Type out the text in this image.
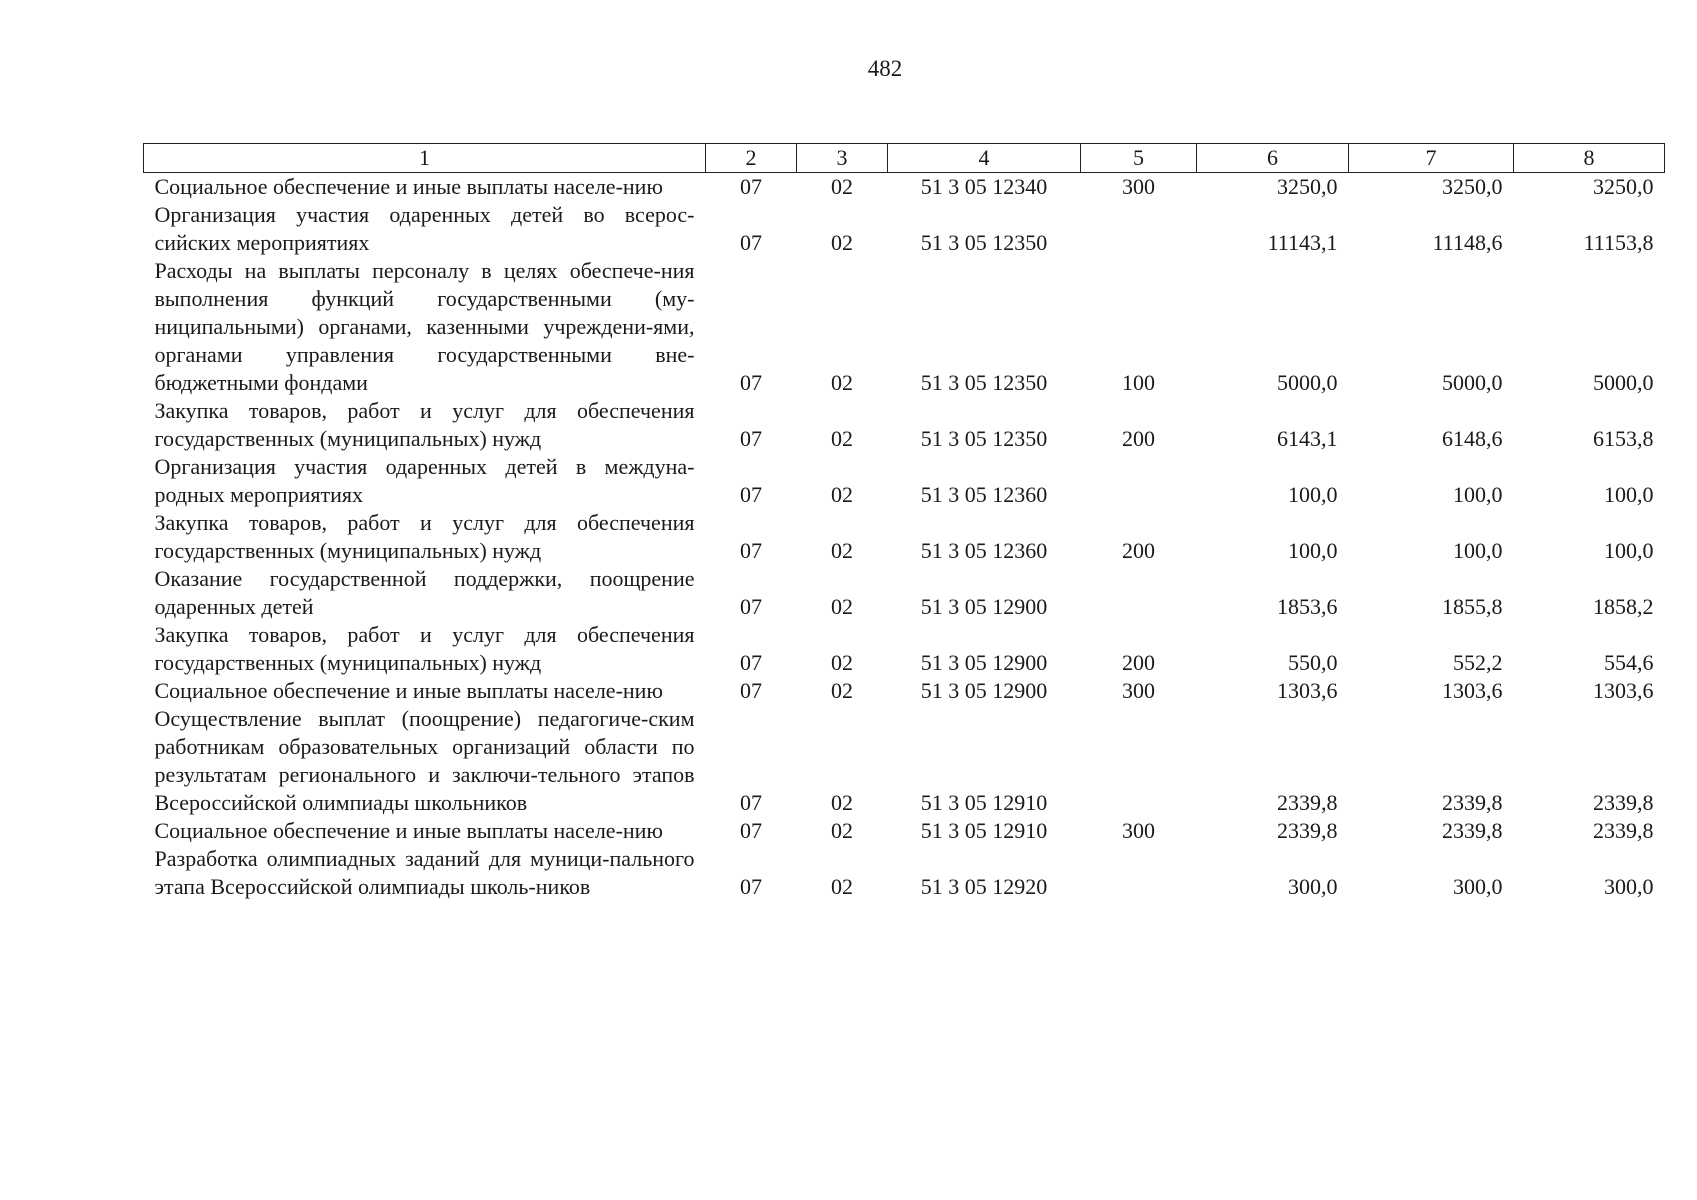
482
1	2	3	4	5	6	7	8
Социальное обеспечение и иные выплаты населе-нию	07	02	51 3 05 12340	300	3250,0	3250,0	3250,0
Организация участия одаренных детей во всерос-сийских мероприятиях	07	02	51 3 05 12350		11143,1	11148,6	11153,8
Расходы на выплаты персоналу в целях обеспече-ния выполнения функций государственными (му-ниципальными) органами, казенными учреждени-ями, органами управления государственными вне-бюджетными фондами	07	02	51 3 05 12350	100	5000,0	5000,0	5000,0
Закупка товаров, работ и услуг для обеспечения государственных (муниципальных) нужд	07	02	51 3 05 12350	200	6143,1	6148,6	6153,8
Организация участия одаренных детей в междуна-родных мероприятиях	07	02	51 3 05 12360		100,0	100,0	100,0
Закупка товаров, работ и услуг для обеспечения государственных (муниципальных) нужд	07	02	51 3 05 12360	200	100,0	100,0	100,0
Оказание государственной поддержки, поощрение одаренных детей	07	02	51 3 05 12900		1853,6	1855,8	1858,2
Закупка товаров, работ и услуг для обеспечения государственных (муниципальных) нужд	07	02	51 3 05 12900	200	550,0	552,2	554,6
Социальное обеспечение и иные выплаты населе-нию	07	02	51 3 05 12900	300	1303,6	1303,6	1303,6
Осуществление выплат (поощрение) педагогиче-ским работникам образовательных организаций области по результатам регионального и заключи-тельного этапов Всероссийской олимпиады школьников	07	02	51 3 05 12910		2339,8	2339,8	2339,8
Социальное обеспечение и иные выплаты населе-нию	07	02	51 3 05 12910	300	2339,8	2339,8	2339,8
Разработка олимпиадных заданий для муници-пального этапа Всероссийской олимпиады школь-ников	07	02	51 3 05 12920		300,0	300,0	300,0
